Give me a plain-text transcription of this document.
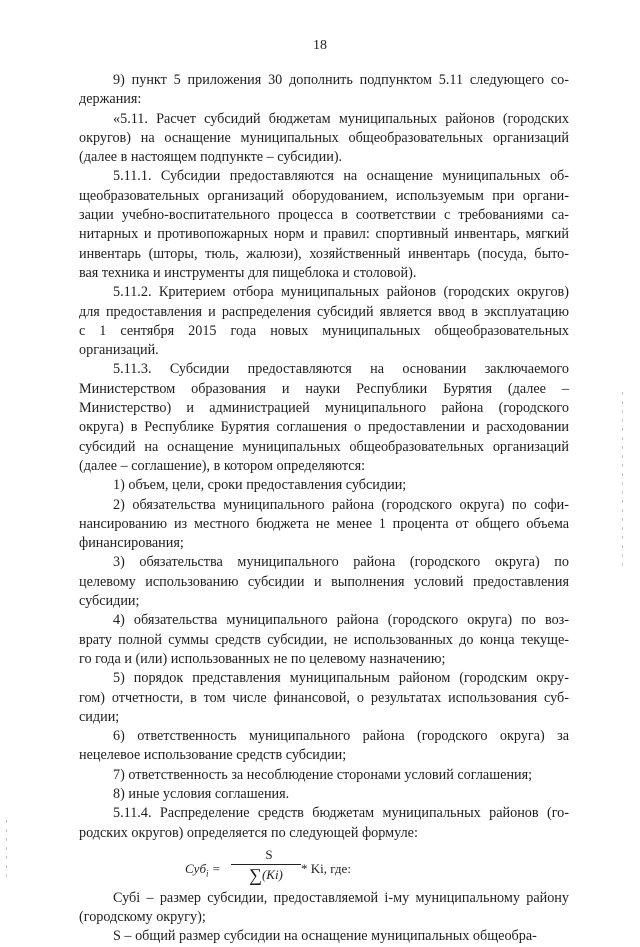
18

9) пункт 5 приложения 30 дополнить подпунктом 5.11 следующего со-
держания:

«5.11. Расчет субсидий бюджетам муниципальных районов (городских
округов) на оснащение муниципальных общеобразовательных организаций
(далее в настоящем подпункте – субсидии).

5.11.1. Субсидии предоставляются на оснащение муниципальных об-
щеобразовательных организаций оборудованием, используемым при органи-
зации учебно-воспитательного процесса в соответствии с требованиями са-
нитарных и противопожарных норм и правил: спортивный инвентарь, мягкий
инвентарь (шторы, тюль, жалюзи), хозяйственный инвентарь (посуда, быто-
вая техника и инструменты для пищеблока и столовой).

5.11.2. Критерием отбора муниципальных районов (городских округов)
для предоставления и распределения субсидий является ввод в эксплуатацию
с 1 сентября 2015 года новых муниципальных общеобразовательных
организаций.

5.11.3. Субсидии предоставляются на основании заключаемого
Министерством образования и науки Республики Бурятия (далее –
Министерство) и администрацией муниципального района (городского
округа) в Республике Бурятия соглашения о предоставлении и расходовании
субсидий на оснащение муниципальных общеобразовательных организаций
(далее – соглашение), в котором определяются:

1) объем, цели, сроки предоставления субсидии;

2) обязательства муниципального района (городского округа) по софи-
нансированию из местного бюджета не менее 1 процента от общего объема
финансирования;

3) обязательства муниципального района (городского округа) по
целевому использованию субсидии и выполнения условий предоставления
субсидии;

4) обязательства муниципального района (городского округа) по воз-
врату полной суммы средств субсидии, не использованных до конца текуще-
го года и (или) использованных не по целевому назначению;

5) порядок представления муниципальным районом (городским окру-
гом) отчетности, в том числе финансовой, о результатах использования суб-
сидии;

6) ответственность муниципального района (городского округа) за
нецелевое использование средств субсидии;

7) ответственность за несоблюдение сторонами условий соглашения;

8) иные условия соглашения.

5.11.4. Распределение средств бюджетам муниципальных районов (го-
родских округов) определяется по следующей формуле:

$Суб_i = \frac{S}{\sum(Ki)} * Ki$, где:

Субі – размер субсидии, предоставляемой і-му муниципальному району
(городскому округу);

S – общий размер субсидии на оснащение муниципальных общеобра-
